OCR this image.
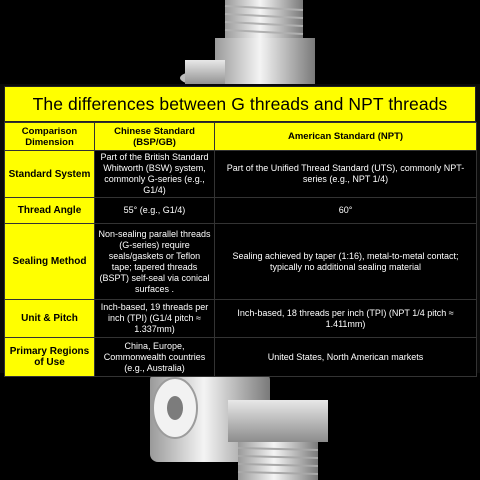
The differences between G threads and NPT threads
Comparison Dimension	Chinese Standard (BSP/GB)	American Standard (NPT)
Standard System	Part of the British Standard Whitworth (BSW) system, commonly G-series (e.g., G1/4)	Part of the Unified Thread Standard (UTS), commonly NPT-series (e.g., NPT 1/4)
Thread Angle	55° (e.g., G1/4)	60°
Sealing Method	Non-sealing parallel threads (G-series) require seals/gaskets or Teflon tape; tapered threads (BSPT) self-seal via conical surfaces .	Sealing achieved by taper (1:16), metal-to-metal contact; typically no additional sealing material
Unit & Pitch	Inch-based, 19 threads per inch (TPI) (G1/4 pitch ≈ 1.337mm)	Inch-based, 18 threads per inch (TPI) (NPT 1/4 pitch ≈ 1.411mm)
Primary Regions of Use	China, Europe, Commonwealth countries (e.g., Australia)	United States, North American markets
